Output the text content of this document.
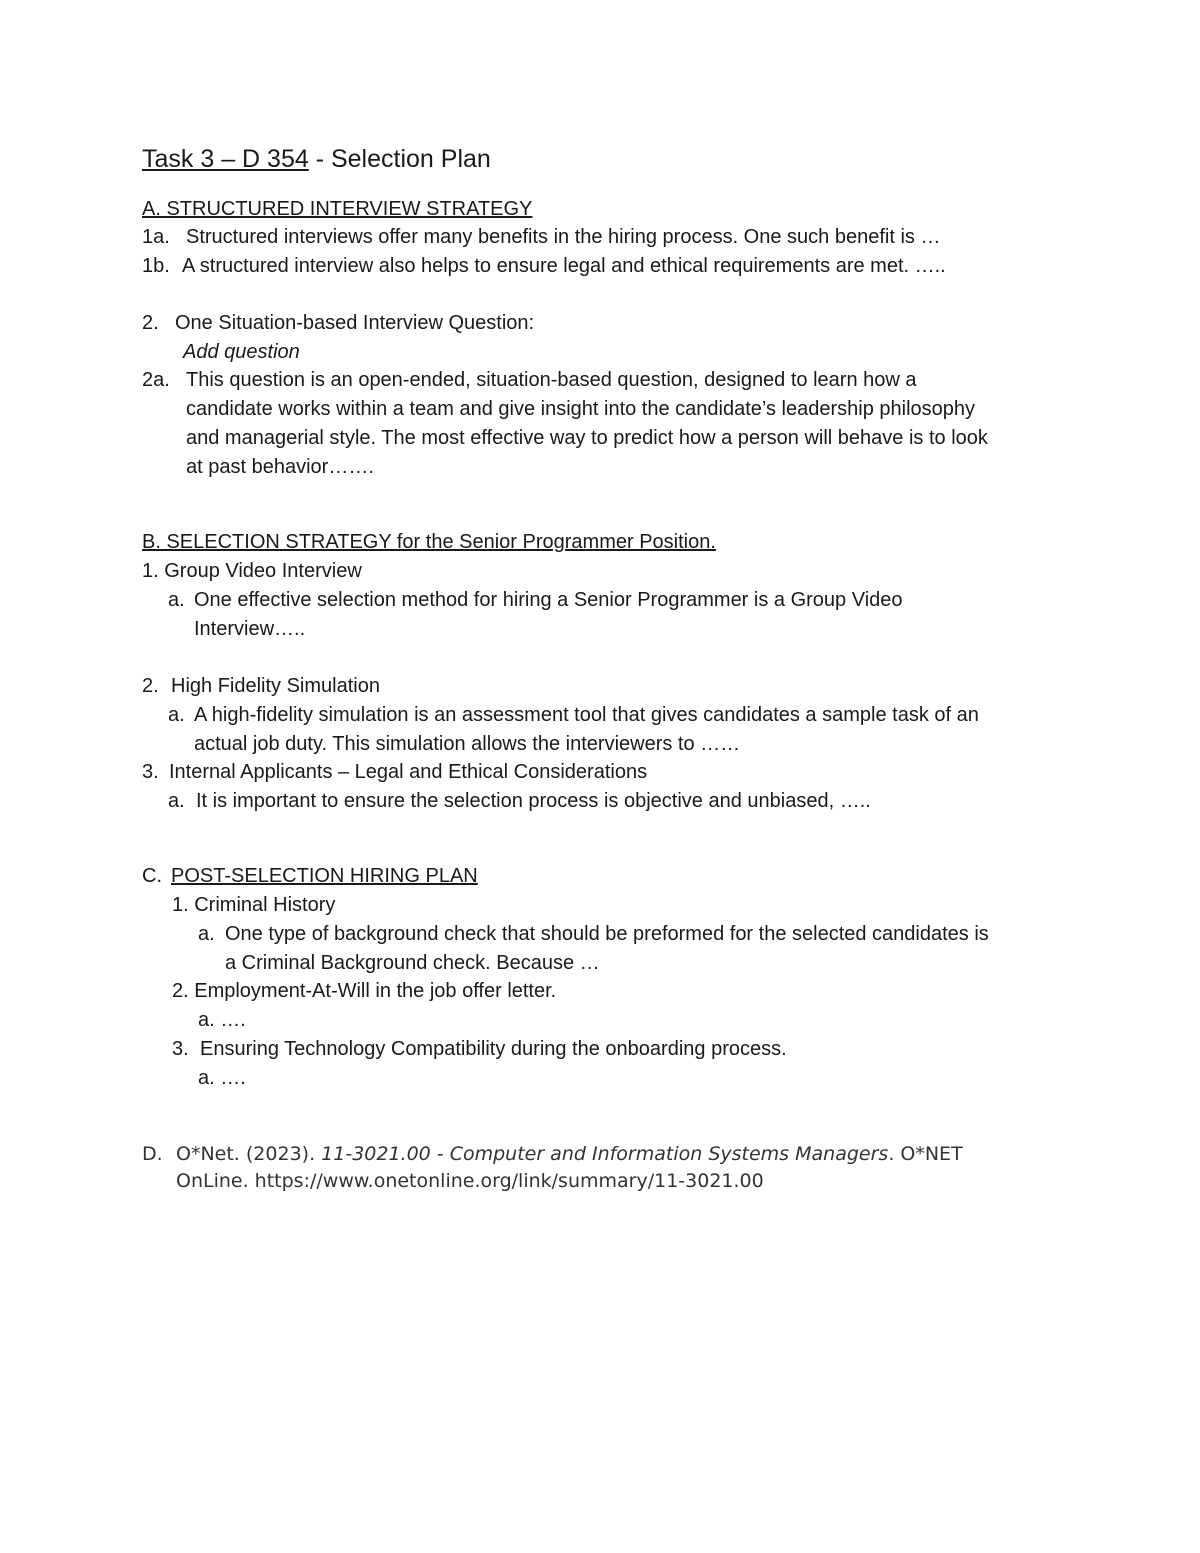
Task 3 – D 354 - Selection Plan
A. STRUCTURED INTERVIEW STRATEGY
1a. Structured interviews offer many benefits in the hiring process. One such benefit is …
1b. A structured interview also helps to ensure legal and ethical requirements are met. …..
2. One Situation-based Interview Question:
Add question
2a. This question is an open-ended, situation-based question, designed to learn how a
candidate works within a team and give insight into the candidate’s leadership philosophy
and managerial style. The most effective way to predict how a person will behave is to look
at past behavior…….
B. SELECTION STRATEGY for the Senior Programmer Position.
1. Group Video Interview
a. One effective selection method for hiring a Senior Programmer is a Group Video
Interview…..
2. High Fidelity Simulation
a. A high-fidelity simulation is an assessment tool that gives candidates a sample task of an
actual job duty. This simulation allows the interviewers to ……
3. Internal Applicants – Legal and Ethical Considerations
a. It is important to ensure the selection process is objective and unbiased, …..
C. POST-SELECTION HIRING PLAN
1. Criminal History
a. One type of background check that should be preformed for the selected candidates is
a Criminal Background check. Because …
2. Employment-At-Will in the job offer letter.
a. ….
3. Ensuring Technology Compatibility during the onboarding process.
a. ….
D. O*Net. (2023). 11-3021.00 - Computer and Information Systems Managers. O*NET
OnLine. https://www.onetonline.org/link/summary/11-3021.00
